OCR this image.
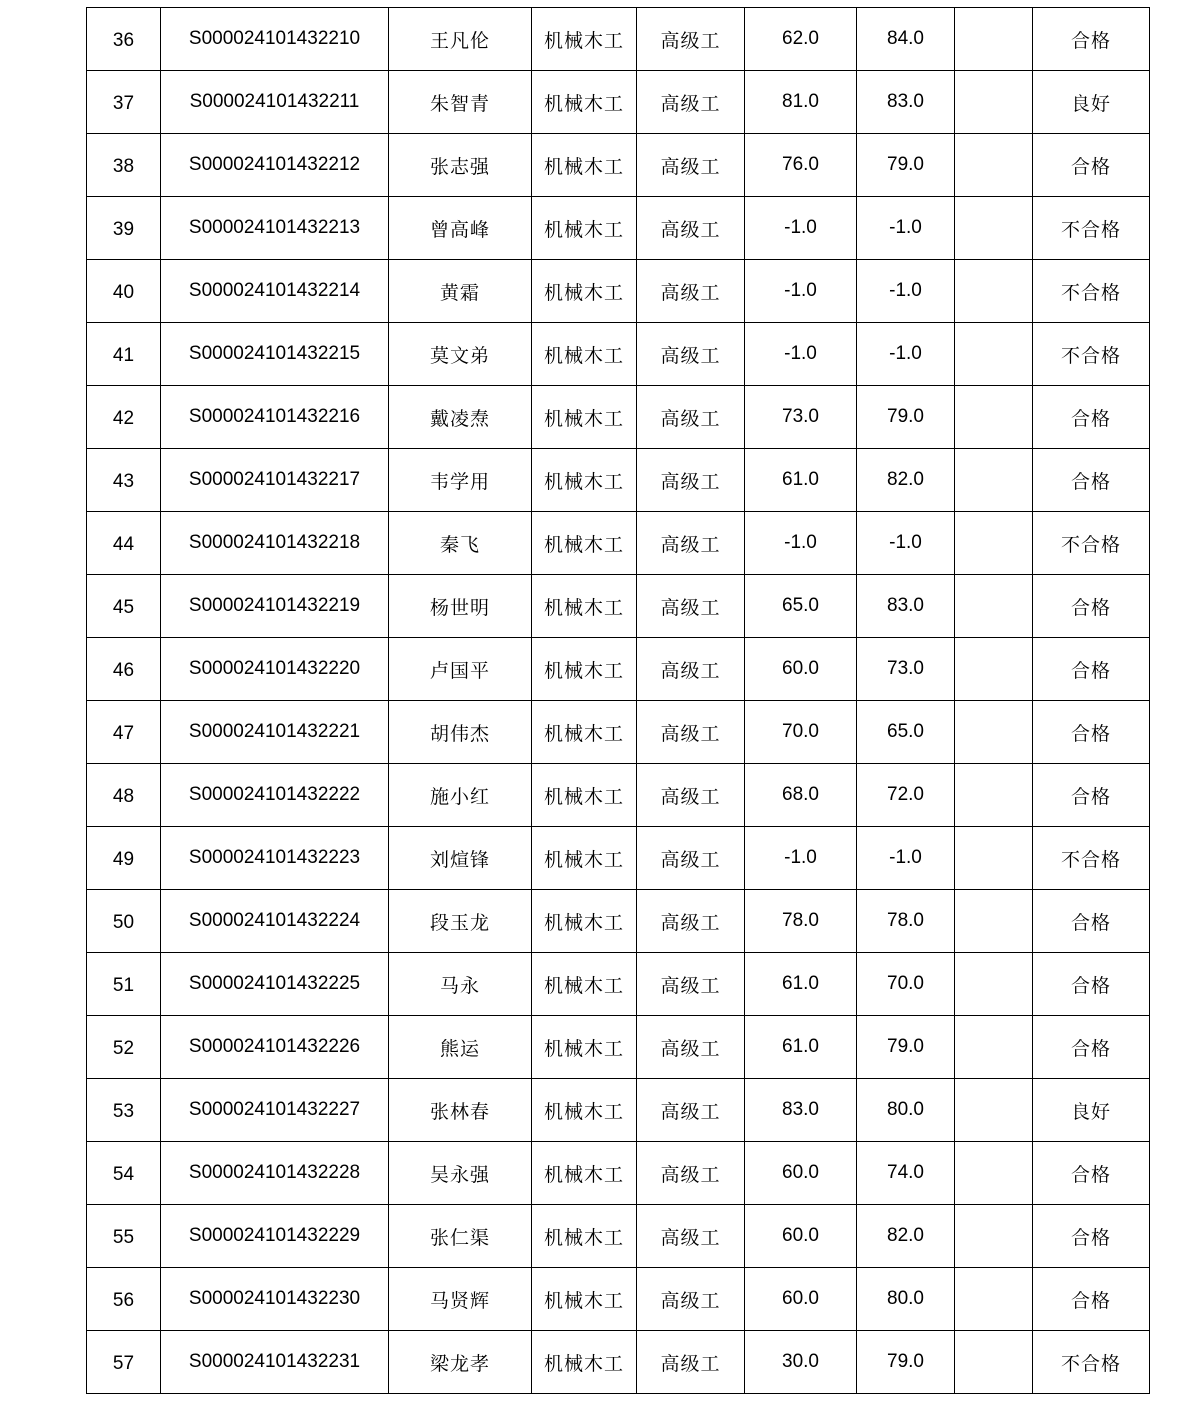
36	S000024101432210	王凡伦	机械木工	高级工	62.0	84.0		合格
37	S000024101432211	朱智青	机械木工	高级工	81.0	83.0		良好
38	S000024101432212	张志强	机械木工	高级工	76.0	79.0		合格
39	S000024101432213	曾高峰	机械木工	高级工	-1.0	-1.0		不合格
40	S000024101432214	黄霜	机械木工	高级工	-1.0	-1.0		不合格
41	S000024101432215	莫文弟	机械木工	高级工	-1.0	-1.0		不合格
42	S000024101432216	戴凌焘	机械木工	高级工	73.0	79.0		合格
43	S000024101432217	韦学用	机械木工	高级工	61.0	82.0		合格
44	S000024101432218	秦飞	机械木工	高级工	-1.0	-1.0		不合格
45	S000024101432219	杨世明	机械木工	高级工	65.0	83.0		合格
46	S000024101432220	卢国平	机械木工	高级工	60.0	73.0		合格
47	S000024101432221	胡伟杰	机械木工	高级工	70.0	65.0		合格
48	S000024101432222	施小红	机械木工	高级工	68.0	72.0		合格
49	S000024101432223	刘煊锋	机械木工	高级工	-1.0	-1.0		不合格
50	S000024101432224	段玉龙	机械木工	高级工	78.0	78.0		合格
51	S000024101432225	马永	机械木工	高级工	61.0	70.0		合格
52	S000024101432226	熊运	机械木工	高级工	61.0	79.0		合格
53	S000024101432227	张林春	机械木工	高级工	83.0	80.0		良好
54	S000024101432228	吴永强	机械木工	高级工	60.0	74.0		合格
55	S000024101432229	张仁渠	机械木工	高级工	60.0	82.0		合格
56	S000024101432230	马贤辉	机械木工	高级工	60.0	80.0		合格
57	S000024101432231	梁龙孝	机械木工	高级工	30.0	79.0		不合格
